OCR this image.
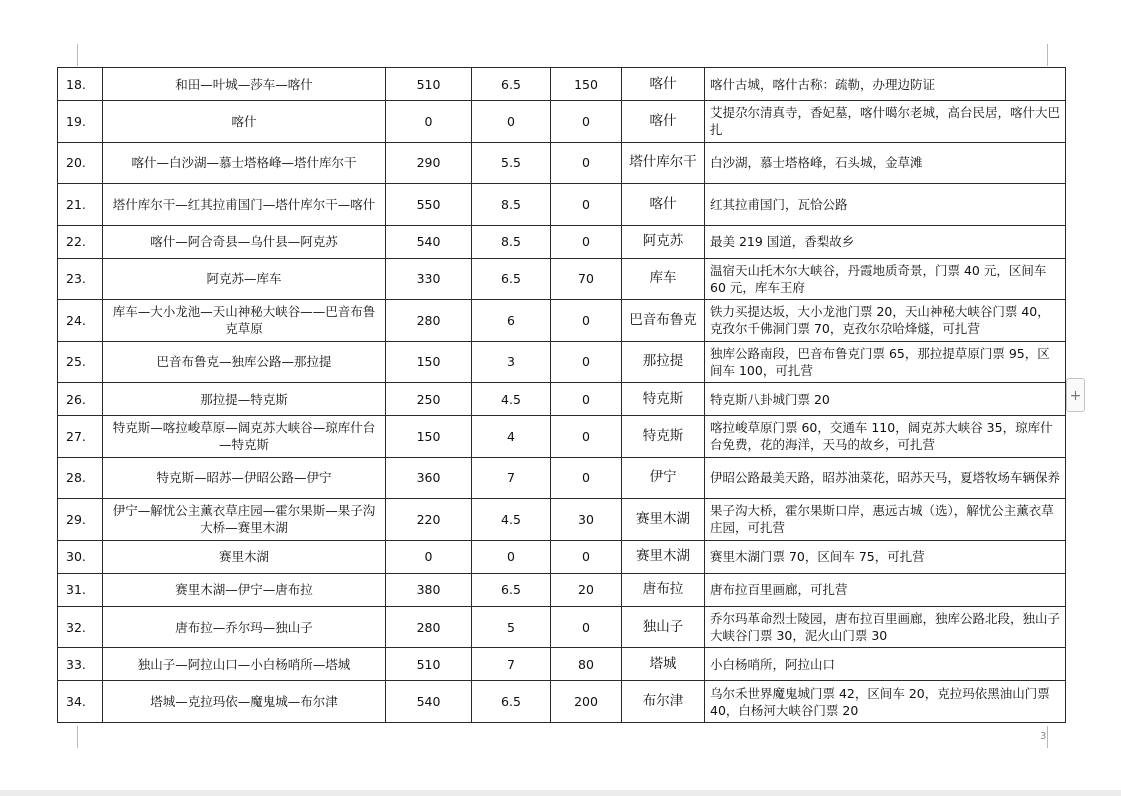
18.	和田—叶城—莎车—喀什	510	6.5	150	喀什	喀什古城，喀什古称：疏勒，办理边防证
19.	喀什	0	0	0	喀什	艾提尕尔清真寺，香妃墓，喀什噶尔老城，高台民居，喀什大巴扎
20.	喀什—白沙湖—慕士塔格峰—塔什库尔干	290	5.5	0	塔什库尔干	白沙湖，慕士塔格峰，石头城，金草滩
21.	塔什库尔干—红其拉甫国门—塔什库尔干—喀什	550	8.5	0	喀什	红其拉甫国门，瓦恰公路
22.	喀什—阿合奇县—乌什县—阿克苏	540	8.5	0	阿克苏	最美 219 国道，香梨故乡
23.	阿克苏—库车	330	6.5	70	库车	温宿天山托木尔大峡谷，丹霞地质奇景，门票 40 元，区间车 60 元，库车王府
24.	库车—大小龙池—天山神秘大峡谷——巴音布鲁克草原	280	6	0	巴音布鲁克	铁力买提达坂，大小龙池门票 20，天山神秘大峡谷门票 40，克孜尔千佛洞门票 70，克孜尔尕哈烽燧，可扎营
25.	巴音布鲁克—独库公路—那拉提	150	3	0	那拉提	独库公路南段，巴音布鲁克门票 65，那拉提草原门票 95，区间车 100，可扎营
26.	那拉提—特克斯	250	4.5	0	特克斯	特克斯八卦城门票 20
27.	特克斯—喀拉峻草原—阔克苏大峡谷—琼库什台—特克斯	150	4	0	特克斯	喀拉峻草原门票 60，交通车 110，阔克苏大峡谷 35，琼库什台免费，花的海洋，天马的故乡，可扎营
28.	特克斯—昭苏—伊昭公路—伊宁	360	7	0	伊宁	伊昭公路最美天路，昭苏油菜花，昭苏天马，夏塔牧场车辆保养
29.	伊宁—解忧公主薰衣草庄园—霍尔果斯—果子沟大桥—赛里木湖	220	4.5	30	赛里木湖	果子沟大桥，霍尔果斯口岸，惠远古城（选），解忧公主薰衣草庄园，可扎营
30.	赛里木湖	0	0	0	赛里木湖	赛里木湖门票 70，区间车 75，可扎营
31.	赛里木湖—伊宁—唐布拉	380	6.5	20	唐布拉	唐布拉百里画廊，可扎营
32.	唐布拉—乔尔玛—独山子	280	5	0	独山子	乔尔玛革命烈士陵园，唐布拉百里画廊，独库公路北段，独山子大峡谷门票 30，泥火山门票 30
33.	独山子—阿拉山口—小白杨哨所—塔城	510	7	80	塔城	小白杨哨所，阿拉山口
34.	塔城—克拉玛依—魔鬼城—布尔津	540	6.5	200	布尔津	乌尔禾世界魔鬼城门票 42，区间车 20，克拉玛依黑油山门票 40，白杨河大峡谷门票 20
3
+
